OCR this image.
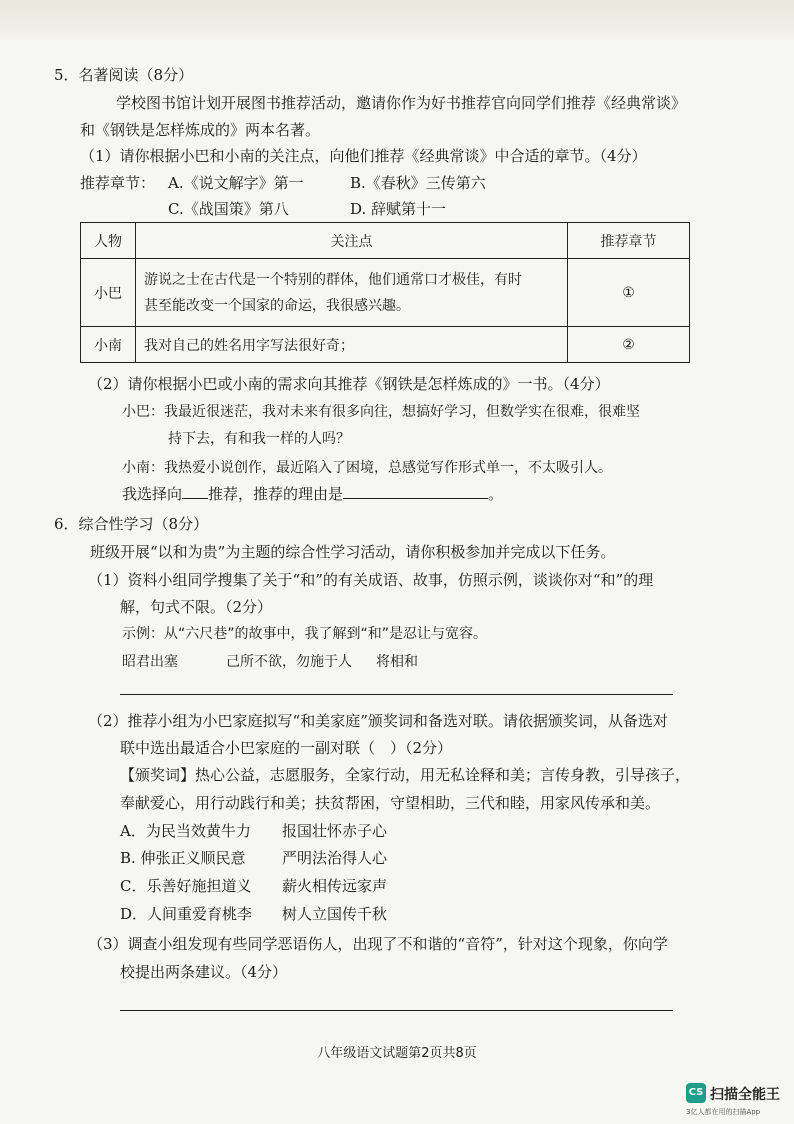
5．名著阅读（8分）
学校图书馆计划开展图书推荐活动，邀请你作为好书推荐官向同学们推荐《经典常谈》
和《钢铁是怎样炼成的》两本名著。
（1）请你根据小巴和小南的关注点，向他们推荐《经典常谈》中合适的章节。（4分）
推荐章节： A.《说文解字》第一	B.《春秋》三传第六
C.《战国策》第八	D. 辞赋第十一
人物	关注点	推荐章节
小巴	游说之士在古代是一个特别的群体，他们通常口才极佳，有时
甚至能改变一个国家的命运，我很感兴趣。	①
小南	我对自己的姓名用字写法很好奇；	②
（2）请你根据小巴或小南的需求向其推荐《钢铁是怎样炼成的》一书。（4分）
小巴：我最近很迷茫，我对未来有很多向往，想搞好学习，但数学实在很难，很难坚
持下去，有和我一样的人吗？
小南：我热爱小说创作，最近陷入了困境，总感觉写作形式单一，不太吸引人。
我选择向 推荐，推荐的理由是	。
6．综合性学习（8分）
班级开展“以和为贵”为主题的综合性学习活动，请你积极参加并完成以下任务。
（1）资料小组同学搜集了关于“和”的有关成语、故事，仿照示例，谈谈你对“和”的理
解，句式不限。（2分）
示例：从“六尺巷”的故事中，我了解到“和”是忍让与宽容。
昭君出塞	己所不欲，勿施于人 将相和
（2）推荐小组为小巴家庭拟写“和美家庭”颁奖词和备选对联。请依据颁奖词，从备选对
联中选出最适合小巴家庭的一副对联（　）（2分）
【颁奖词】热心公益，志愿服务，全家行动，用无私诠释和美；言传身教，引导孩子，
奉献爱心，用行动践行和美；扶贫帮困，守望相助，三代和睦，用家风传承和美。
A．为民当效黄牛力 报国壮怀赤子心
B. 伸张正义顺民意 严明法治得人心
C．乐善好施担道义 薪火相传远家声
D．人间重爱育桃李 树人立国传千秋
（3）调查小组发现有些同学恶语伤人，出现了不和谐的“音符”，针对这个现象，你向学
校提出两条建议。（4分）
八年级语文试题第2页共8页
CS 扫描全能王
3亿人都在用的扫描App
